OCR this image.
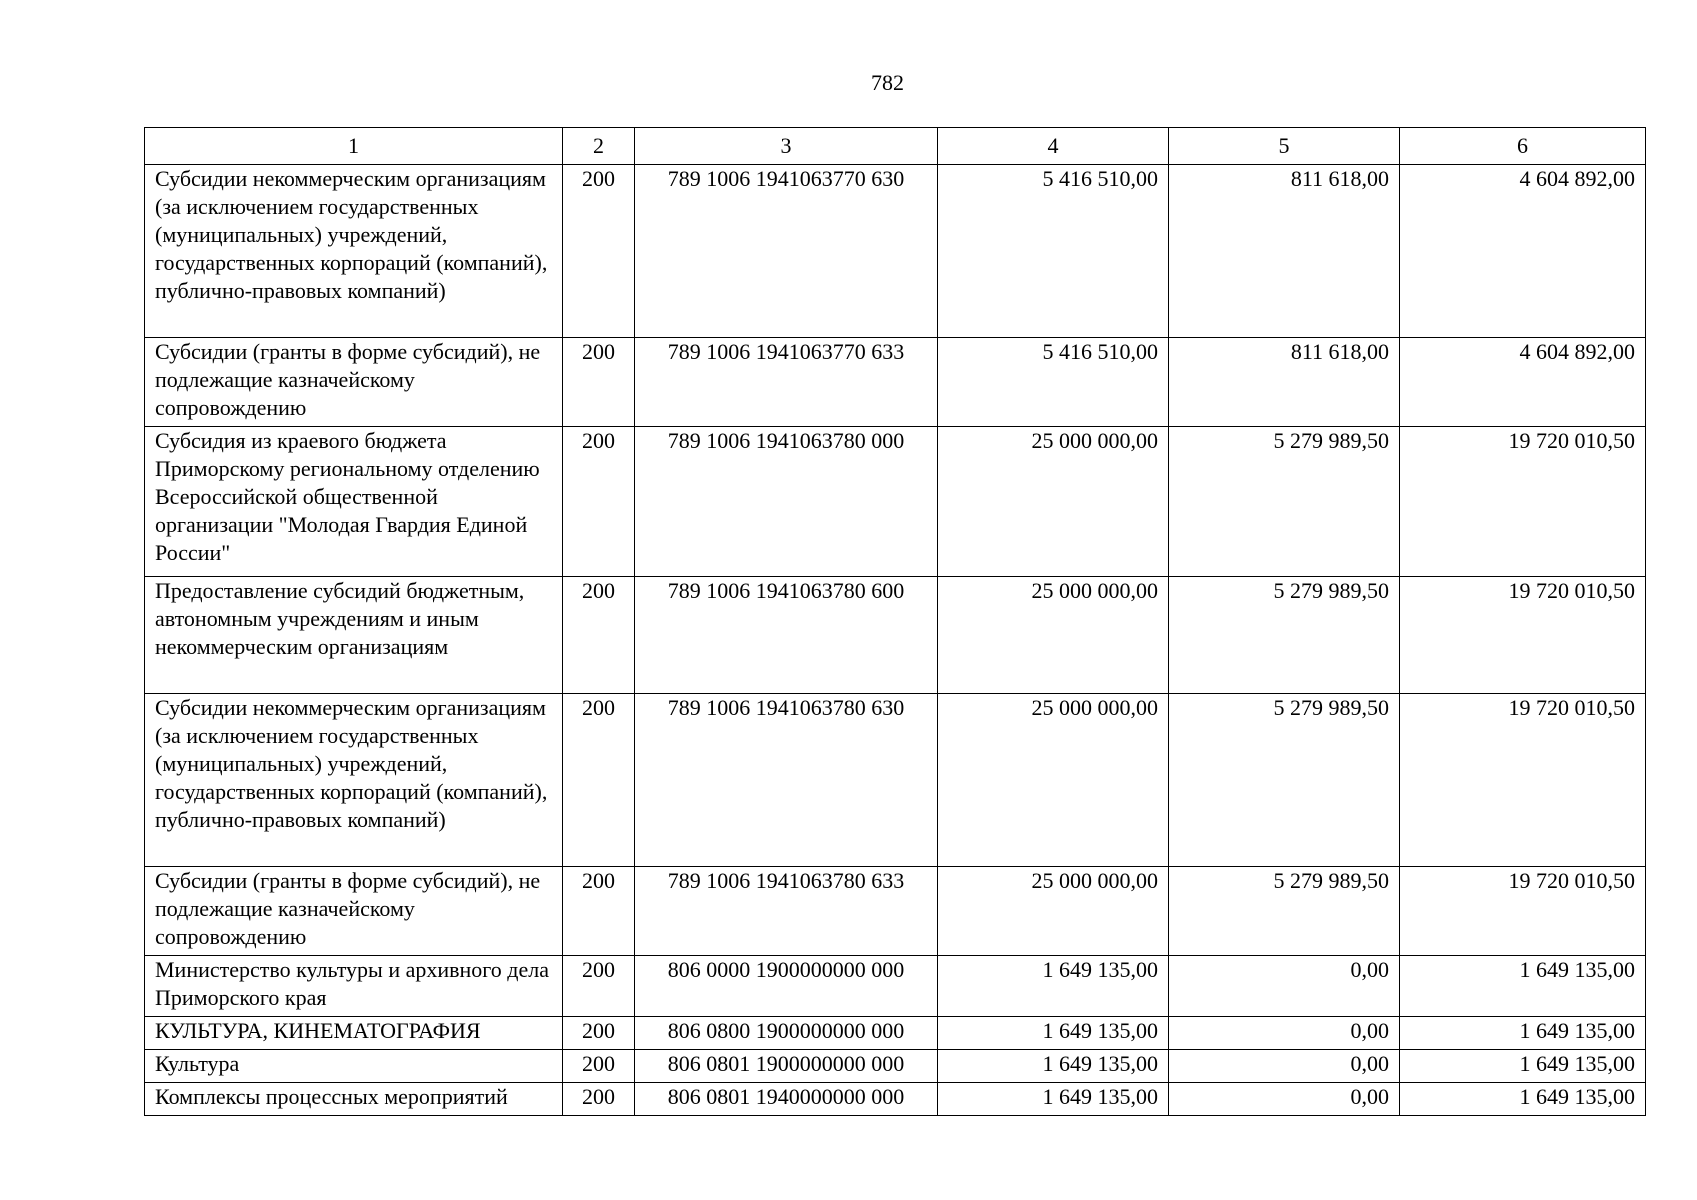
782
1	2	3	4	5	6
Субсидии некоммерческим организациям (за исключением государственных (муниципальных) учреждений, государственных корпораций (компаний), публично-правовых компаний)	200	789 1006 1941063770 630	5 416 510,00	811 618,00	4 604 892,00
Субсидии (гранты в форме субсидий), не подлежащие казначейскому сопровождению	200	789 1006 1941063770 633	5 416 510,00	811 618,00	4 604 892,00
Субсидия из краевого бюджета Приморскому региональному отделению Всероссийской общественной организации "Молодая Гвардия Единой России"	200	789 1006 1941063780 000	25 000 000,00	5 279 989,50	19 720 010,50
Предоставление субсидий бюджетным, автономным учреждениям и иным некоммерческим организациям	200	789 1006 1941063780 600	25 000 000,00	5 279 989,50	19 720 010,50
Субсидии некоммерческим организациям (за исключением государственных (муниципальных) учреждений, государственных корпораций (компаний), публично-правовых компаний)	200	789 1006 1941063780 630	25 000 000,00	5 279 989,50	19 720 010,50
Субсидии (гранты в форме субсидий), не подлежащие казначейскому сопровождению	200	789 1006 1941063780 633	25 000 000,00	5 279 989,50	19 720 010,50
Министерство культуры и архивного дела Приморского края	200	806 0000 1900000000 000	1 649 135,00	0,00	1 649 135,00
КУЛЬТУРА, КИНЕМАТОГРАФИЯ	200	806 0800 1900000000 000	1 649 135,00	0,00	1 649 135,00
Культура	200	806 0801 1900000000 000	1 649 135,00	0,00	1 649 135,00
Комплексы процессных мероприятий	200	806 0801 1940000000 000	1 649 135,00	0,00	1 649 135,00
